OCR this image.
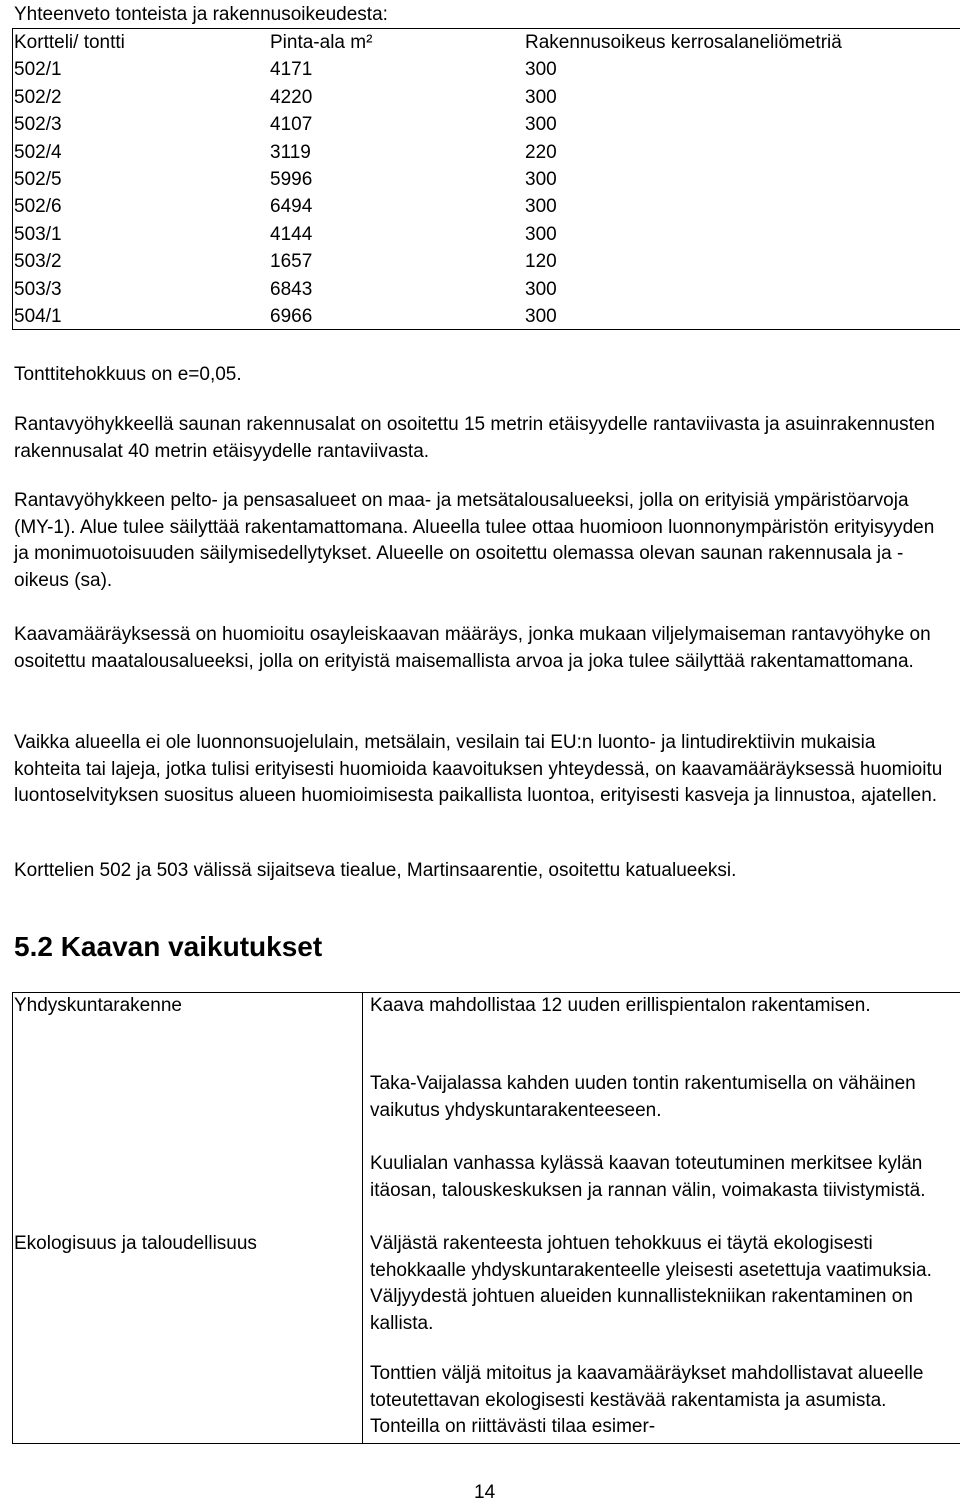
Yhteenveto tonteista ja rakennusoikeudesta:
Kortteli/ tontti	Pinta-ala m²	Rakennusoikeus kerrosalaneliömetriä
502/1	4171	300
502/2	4220	300
502/3	4107	300
502/4	3119	220
502/5	5996	300
502/6	6494	300
503/1	4144	300
503/2	1657	120
503/3	6843	300
504/1	6966	300

Tonttitehokkuus on e=0,05.

Rantavyöhykkeellä saunan rakennusalat on osoitettu 15 metrin etäisyydelle rantaviivasta ja asuinrakennusten rakennusalat 40 metrin etäisyydelle rantaviivasta.

Rantavyöhykkeen pelto- ja pensasalueet on maa- ja metsätalousalueeksi, jolla on erityisiä ympäristöarvoja (MY-1). Alue tulee säilyttää rakentamattomana. Alueella tulee ottaa huomioon luonnonympäristön erityisyyden ja monimuotoisuuden säilymisedellytykset. Alueelle on osoitettu olemassa olevan saunan rakennusala ja -oikeus (sa).

Kaavamääräyksessä on huomioitu osayleiskaavan määräys, jonka mukaan viljelymaiseman rantavyöhyke on osoitettu maatalousalueeksi, jolla on erityistä maisemallista arvoa ja joka tulee säilyttää rakentamattomana.

Vaikka alueella ei ole luonnonsuojelulain, metsälain, vesilain tai EU:n luonto- ja lintudirektiivin mukaisia kohteita tai lajeja, jotka tulisi erityisesti huomioida kaavoituksen yhteydessä, on kaavamääräyksessä huomioitu luontoselvityksen suositus alueen huomioimisesta paikallista luontoa, erityisesti kasveja ja linnustoa, ajatellen.

Korttelien 502 ja 503 välissä sijaitseva tiealue, Martinsaarentie, osoitettu katualueeksi.

5.2 Kaavan vaikutukset
Yhdyskuntarakenne	Kaava mahdollistaa 12 uuden erillispientalon rakentamisen.

Taka-Vaijalassa kahden uuden tontin rakentumisella on vähäinen vaikutus yhdyskuntarakenteeseen.

Kuulialan vanhassa kylässä kaavan toteutuminen merkitsee kylän itäosan, talouskeskuksen ja rannan välin, voimakasta tiivistymistä.

Ekologisuus ja taloudellisuus	Väljästä rakenteesta johtuen tehokkuus ei täytä ekologisesti tehokkaalle yhdyskuntarakenteelle yleisesti asetettuja vaatimuksia. Väljyydestä johtuen alueiden kunnallistekniikan rakentaminen on kallista.

Tonttien väljä mitoitus ja kaavamääräykset mahdollistavat alueelle toteutettavan ekologisesti kestävää rakentamista ja asumista. Tonteilla on riittävästi tilaa esimer-

14
